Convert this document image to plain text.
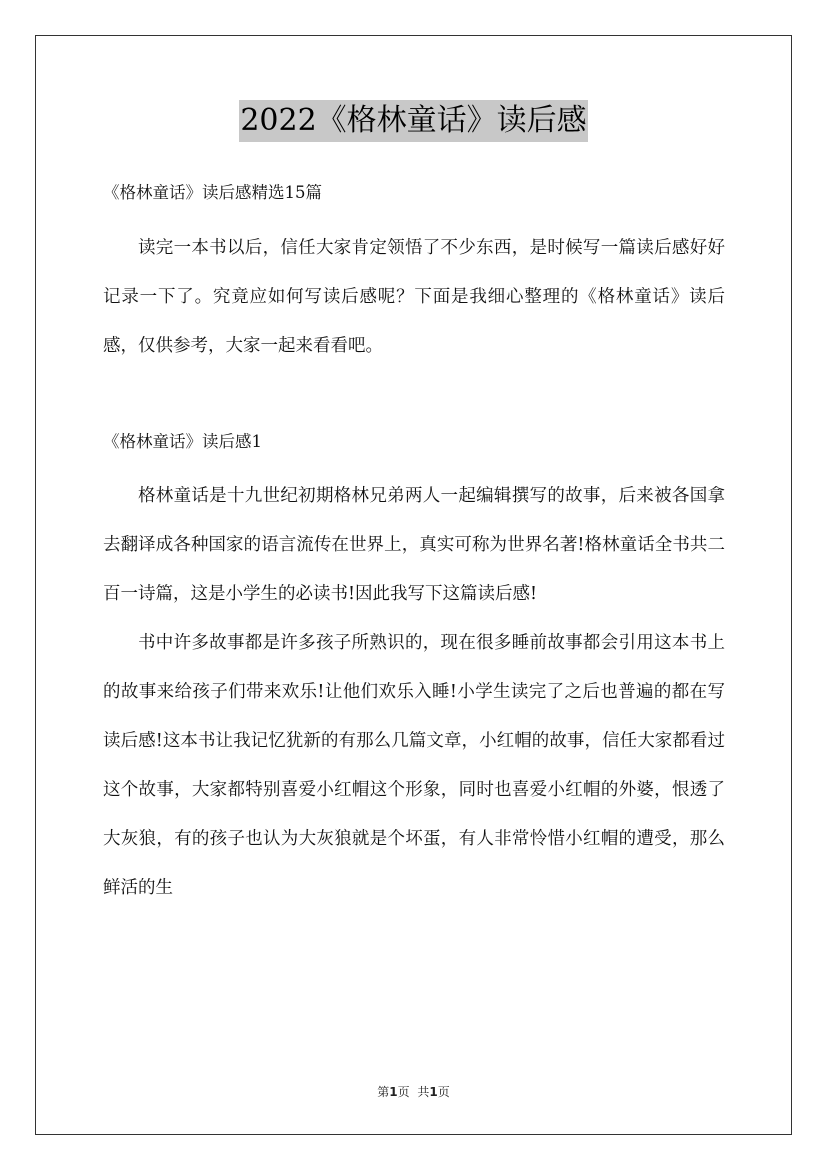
2022《格林童话》读后感

《格林童话》读后感精选15篇

读完一本书以后，信任大家肯定领悟了不少东西，是时候写一篇读后感好好记录一下了。究竟应如何写读后感呢？下面是我细心整理的《格林童话》读后感，仅供参考，大家一起来看看吧。

《格林童话》读后感1

格林童话是十九世纪初期格林兄弟两人一起编辑撰写的故事，后来被各国拿去翻译成各种国家的语言流传在世界上，真实可称为世界名著!格林童话全书共二百一诗篇，这是小学生的必读书!因此我写下这篇读后感!

书中许多故事都是许多孩子所熟识的，现在很多睡前故事都会引用这本书上的故事来给孩子们带来欢乐!让他们欢乐入睡!小学生读完了之后也普遍的都在写读后感!这本书让我记忆犹新的有那么几篇文章，小红帽的故事，信任大家都看过这个故事，大家都特别喜爱小红帽这个形象，同时也喜爱小红帽的外婆，恨透了大灰狼，有的孩子也认为大灰狼就是个坏蛋，有人非常怜惜小红帽的遭受，那么鲜活的生

第1页 共1页
